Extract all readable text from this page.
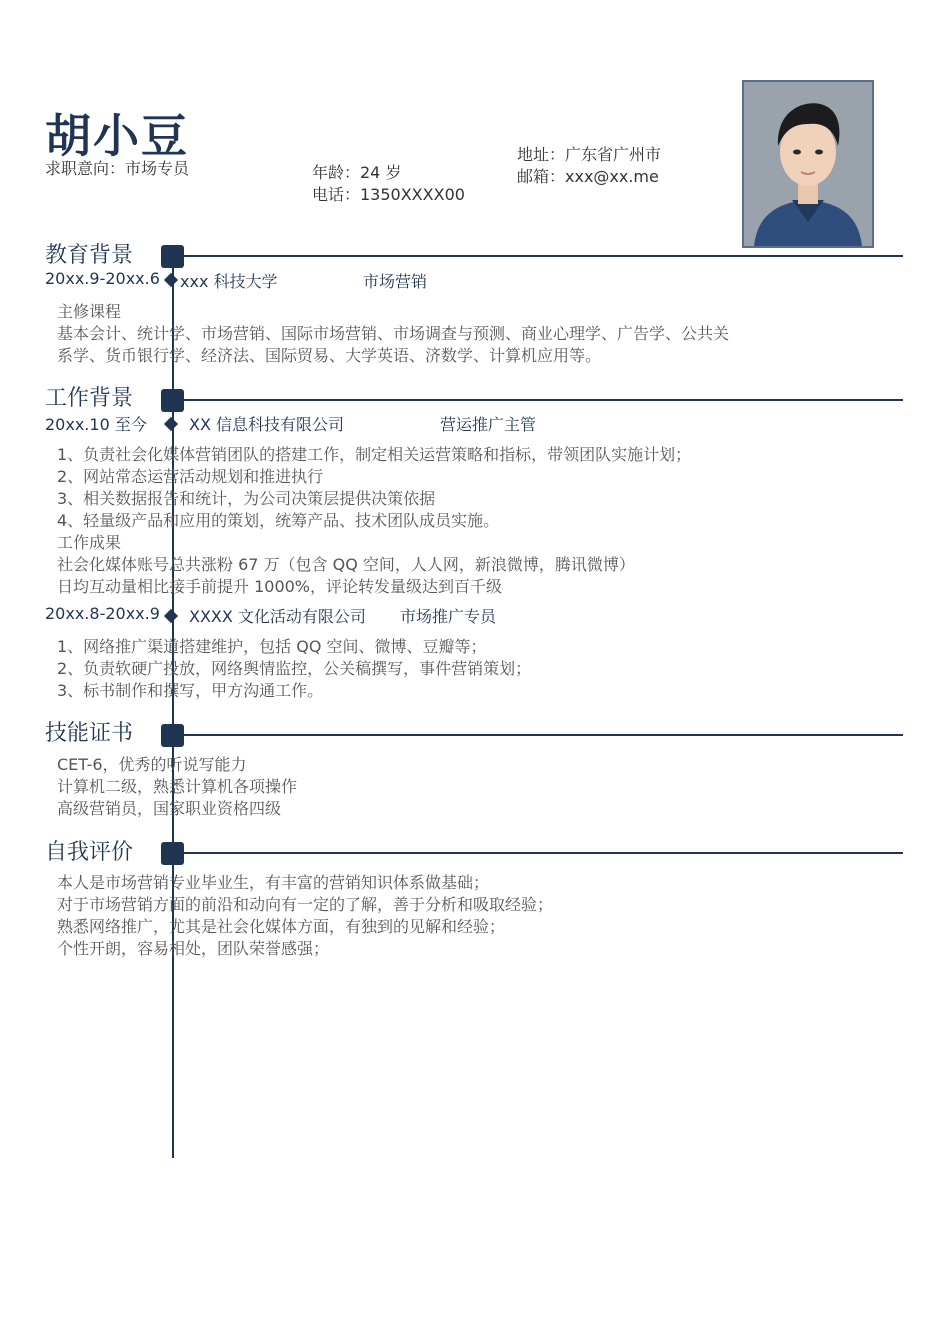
胡小豆
求职意向：市场专员	年龄：24 岁
电话：1350XXXX00
地址：广东省广州市
邮箱：xxx@xx.me
教育背景
20xx.9-20xx.6 xxx 科技大学	市场营销
主修课程
基本会计、统计学、市场营销、国际市场营销、市场调查与预测、商业心理学、广告学、公共关
系学、货币银行学、经济法、国际贸易、大学英语、济数学、计算机应用等。
工作背景
20xx.10 至今	XX 信息科技有限公司	营运推广主管
1、负责社会化媒体营销团队的搭建工作，制定相关运营策略和指标，带领团队实施计划；
2、网站常态运营活动规划和推进执行
3、相关数据报告和统计，为公司决策层提供决策依据
4、轻量级产品和应用的策划，统筹产品、技术团队成员实施。
工作成果
社会化媒体账号总共涨粉 67 万（包含 QQ 空间，人人网，新浪微博，腾讯微博）
日均互动量相比接手前提升 1000%，评论转发量级达到百千级
20xx.8-20xx.9 XXXX 文化活动有限公司 市场推广专员
1、网络推广渠道搭建维护，包括 QQ 空间、微博、豆瓣等；
2、负责软硬广投放，网络舆情监控，公关稿撰写，事件营销策划；
3、标书制作和撰写，甲方沟通工作。
技能证书
CET-6，优秀的听说写能力
计算机二级，熟悉计算机各项操作
高级营销员，国家职业资格四级
自我评价
本人是市场营销专业毕业生，有丰富的营销知识体系做基础；
对于市场营销方面的前沿和动向有一定的了解，善于分析和吸取经验；
熟悉网络推广，尤其是社会化媒体方面，有独到的见解和经验；
个性开朗，容易相处，团队荣誉感强；
